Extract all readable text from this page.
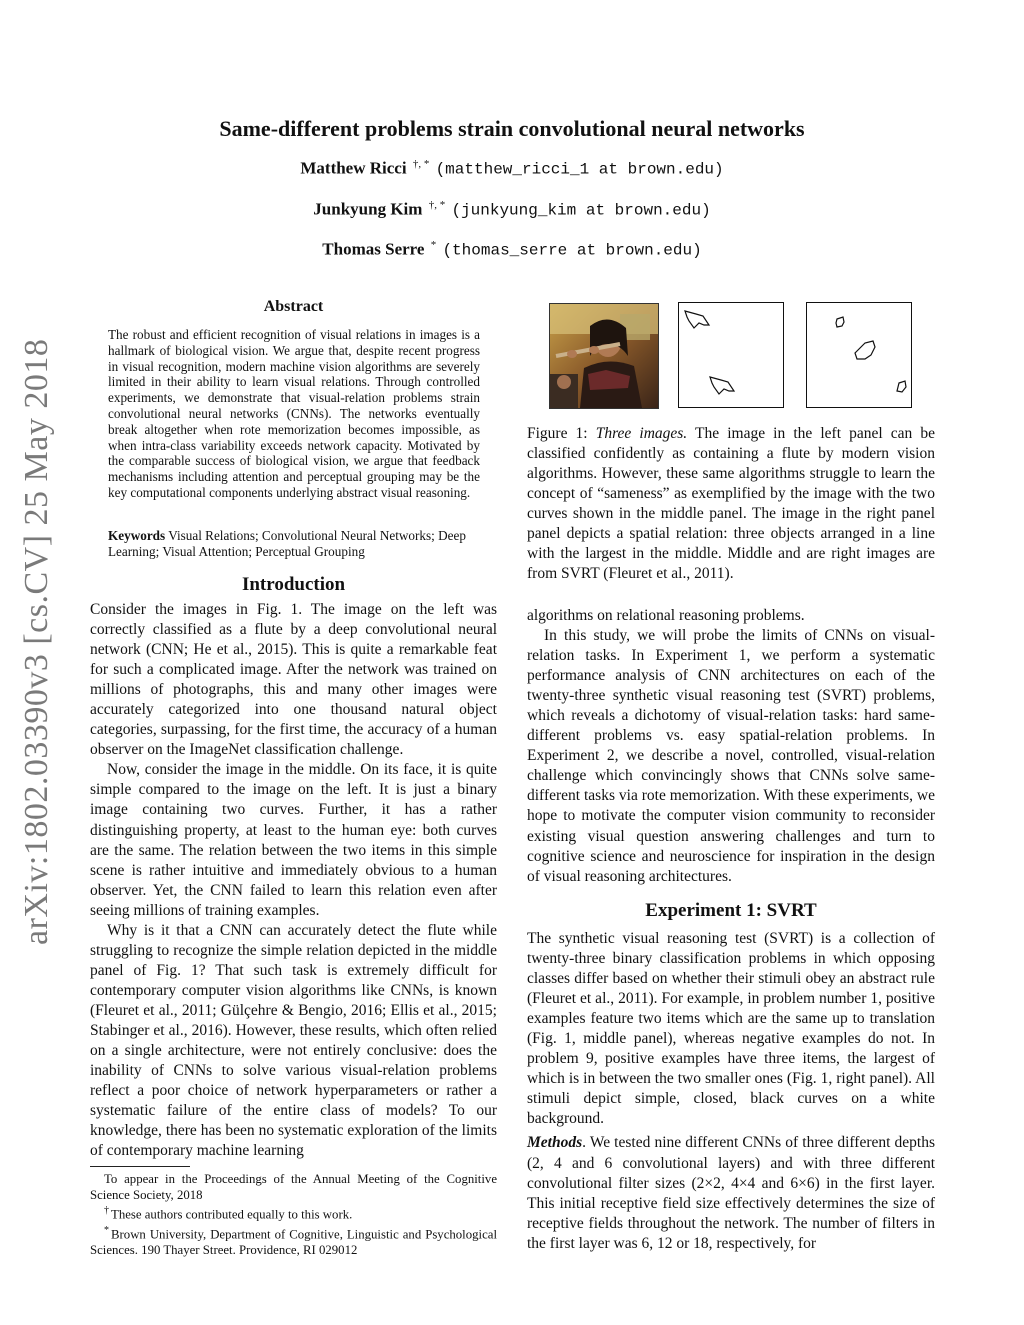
arXiv:1802.03390v3 [cs.CV] 25 May 2018
Same-different problems strain convolutional neural networks
Matthew Ricci †, * (matthew_ricci_1 at brown.edu)
Junkyung Kim †, * (junkyung_kim at brown.edu)
Thomas Serre * (thomas_serre at brown.edu)
Abstract
The robust and efficient recognition of visual relations in images is a hallmark of biological vision. We argue that, despite recent progress in visual recognition, modern machine vision algorithms are severely limited in their ability to learn visual relations. Through controlled experiments, we demonstrate that visual-relation problems strain convolutional neural networks (CNNs). The networks eventually break altogether when rote memorization becomes impossible, as when intra-class variability exceeds network capacity. Motivated by the comparable success of biological vision, we argue that feedback mechanisms including attention and perceptual grouping may be the key computational components underlying abstract visual reasoning.
Keywords Visual Relations; Convolutional Neural Networks; Deep Learning; Visual Attention; Perceptual Grouping
Introduction

Consider the images in Fig. 1. The image on the left was correctly classified as a flute by a deep convolutional neural network (CNN; He et al., 2015). This is quite a remarkable feat for such a complicated image. After the network was trained on millions of photographs, this and many other images were accurately categorized into one thousand natural object categories, surpassing, for the first time, the accuracy of a human observer on the ImageNet classification challenge.

Now, consider the image in the middle. On its face, it is quite simple compared to the image on the left. It is just a binary image containing two curves. Further, it has a rather distinguishing property, at least to the human eye: both curves are the same. The relation between the two items in this simple scene is rather intuitive and immediately obvious to a human observer. Yet, the CNN failed to learn this relation even after seeing millions of training examples.

Why is it that a CNN can accurately detect the flute while struggling to recognize the simple relation depicted in the middle panel of Fig. 1? That such task is extremely difficult for contemporary computer vision algorithms like CNNs, is known (Fleuret et al., 2011; Gülçehre & Bengio, 2016; Ellis et al., 2015; Stabinger et al., 2016). However, these results, which often relied on a single architecture, were not entirely conclusive: does the inability of CNNs to solve various visual-relation problems reflect a poor choice of network hyperparameters or rather a systematic failure of the entire class of models? To our knowledge, there has been no systematic exploration of the limits of contemporary machine learning

To appear in the Proceedings of the Annual Meeting of the Cognitive Science Society, 2018

† These authors contributed equally to this work.

* Brown University, Department of Cognitive, Linguistic and Psychological Sciences. 190 Thayer Street. Providence, RI 029012

Figure 1: Three images. The image in the left panel can be classified confidently as containing a flute by modern vision algorithms. However, these same algorithms struggle to learn the concept of “sameness” as exemplified by the image with the two curves shown in the middle panel. The image in the right panel panel depicts a spatial relation: three objects arranged in a line with the largest in the middle. Middle and are right images are from SVRT (Fleuret et al., 2011).

algorithms on relational reasoning problems.

In this study, we will probe the limits of CNNs on visual-relation tasks. In Experiment 1, we perform a systematic performance analysis of CNN architectures on each of the twenty-three synthetic visual reasoning test (SVRT) problems, which reveals a dichotomy of visual-relation tasks: hard same-different problems vs. easy spatial-relation problems. In Experiment 2, we describe a novel, controlled, visual-relation challenge which convincingly shows that CNNs solve same-different tasks via rote memorization. With these experiments, we hope to motivate the computer vision community to reconsider existing visual question answering challenges and turn to cognitive science and neuroscience for inspiration in the design of visual reasoning architectures.

Experiment 1: SVRT

The synthetic visual reasoning test (SVRT) is a collection of twenty-three binary classification problems in which opposing classes differ based on whether their stimuli obey an abstract rule (Fleuret et al., 2011). For example, in problem number 1, positive examples feature two items which are the same up to translation (Fig. 1, middle panel), whereas negative examples do not. In problem 9, positive examples have three items, the largest of which is in between the two smaller ones (Fig. 1, right panel). All stimuli depict simple, closed, black curves on a white background.

Methods. We tested nine different CNNs of three different depths (2, 4 and 6 convolutional layers) and with three different convolutional filter sizes (2×2, 4×4 and 6×6) in the first layer. This initial receptive field size effectively determines the size of receptive fields throughout the network. The number of filters in the first layer was 6, 12 or 18, respectively, for
